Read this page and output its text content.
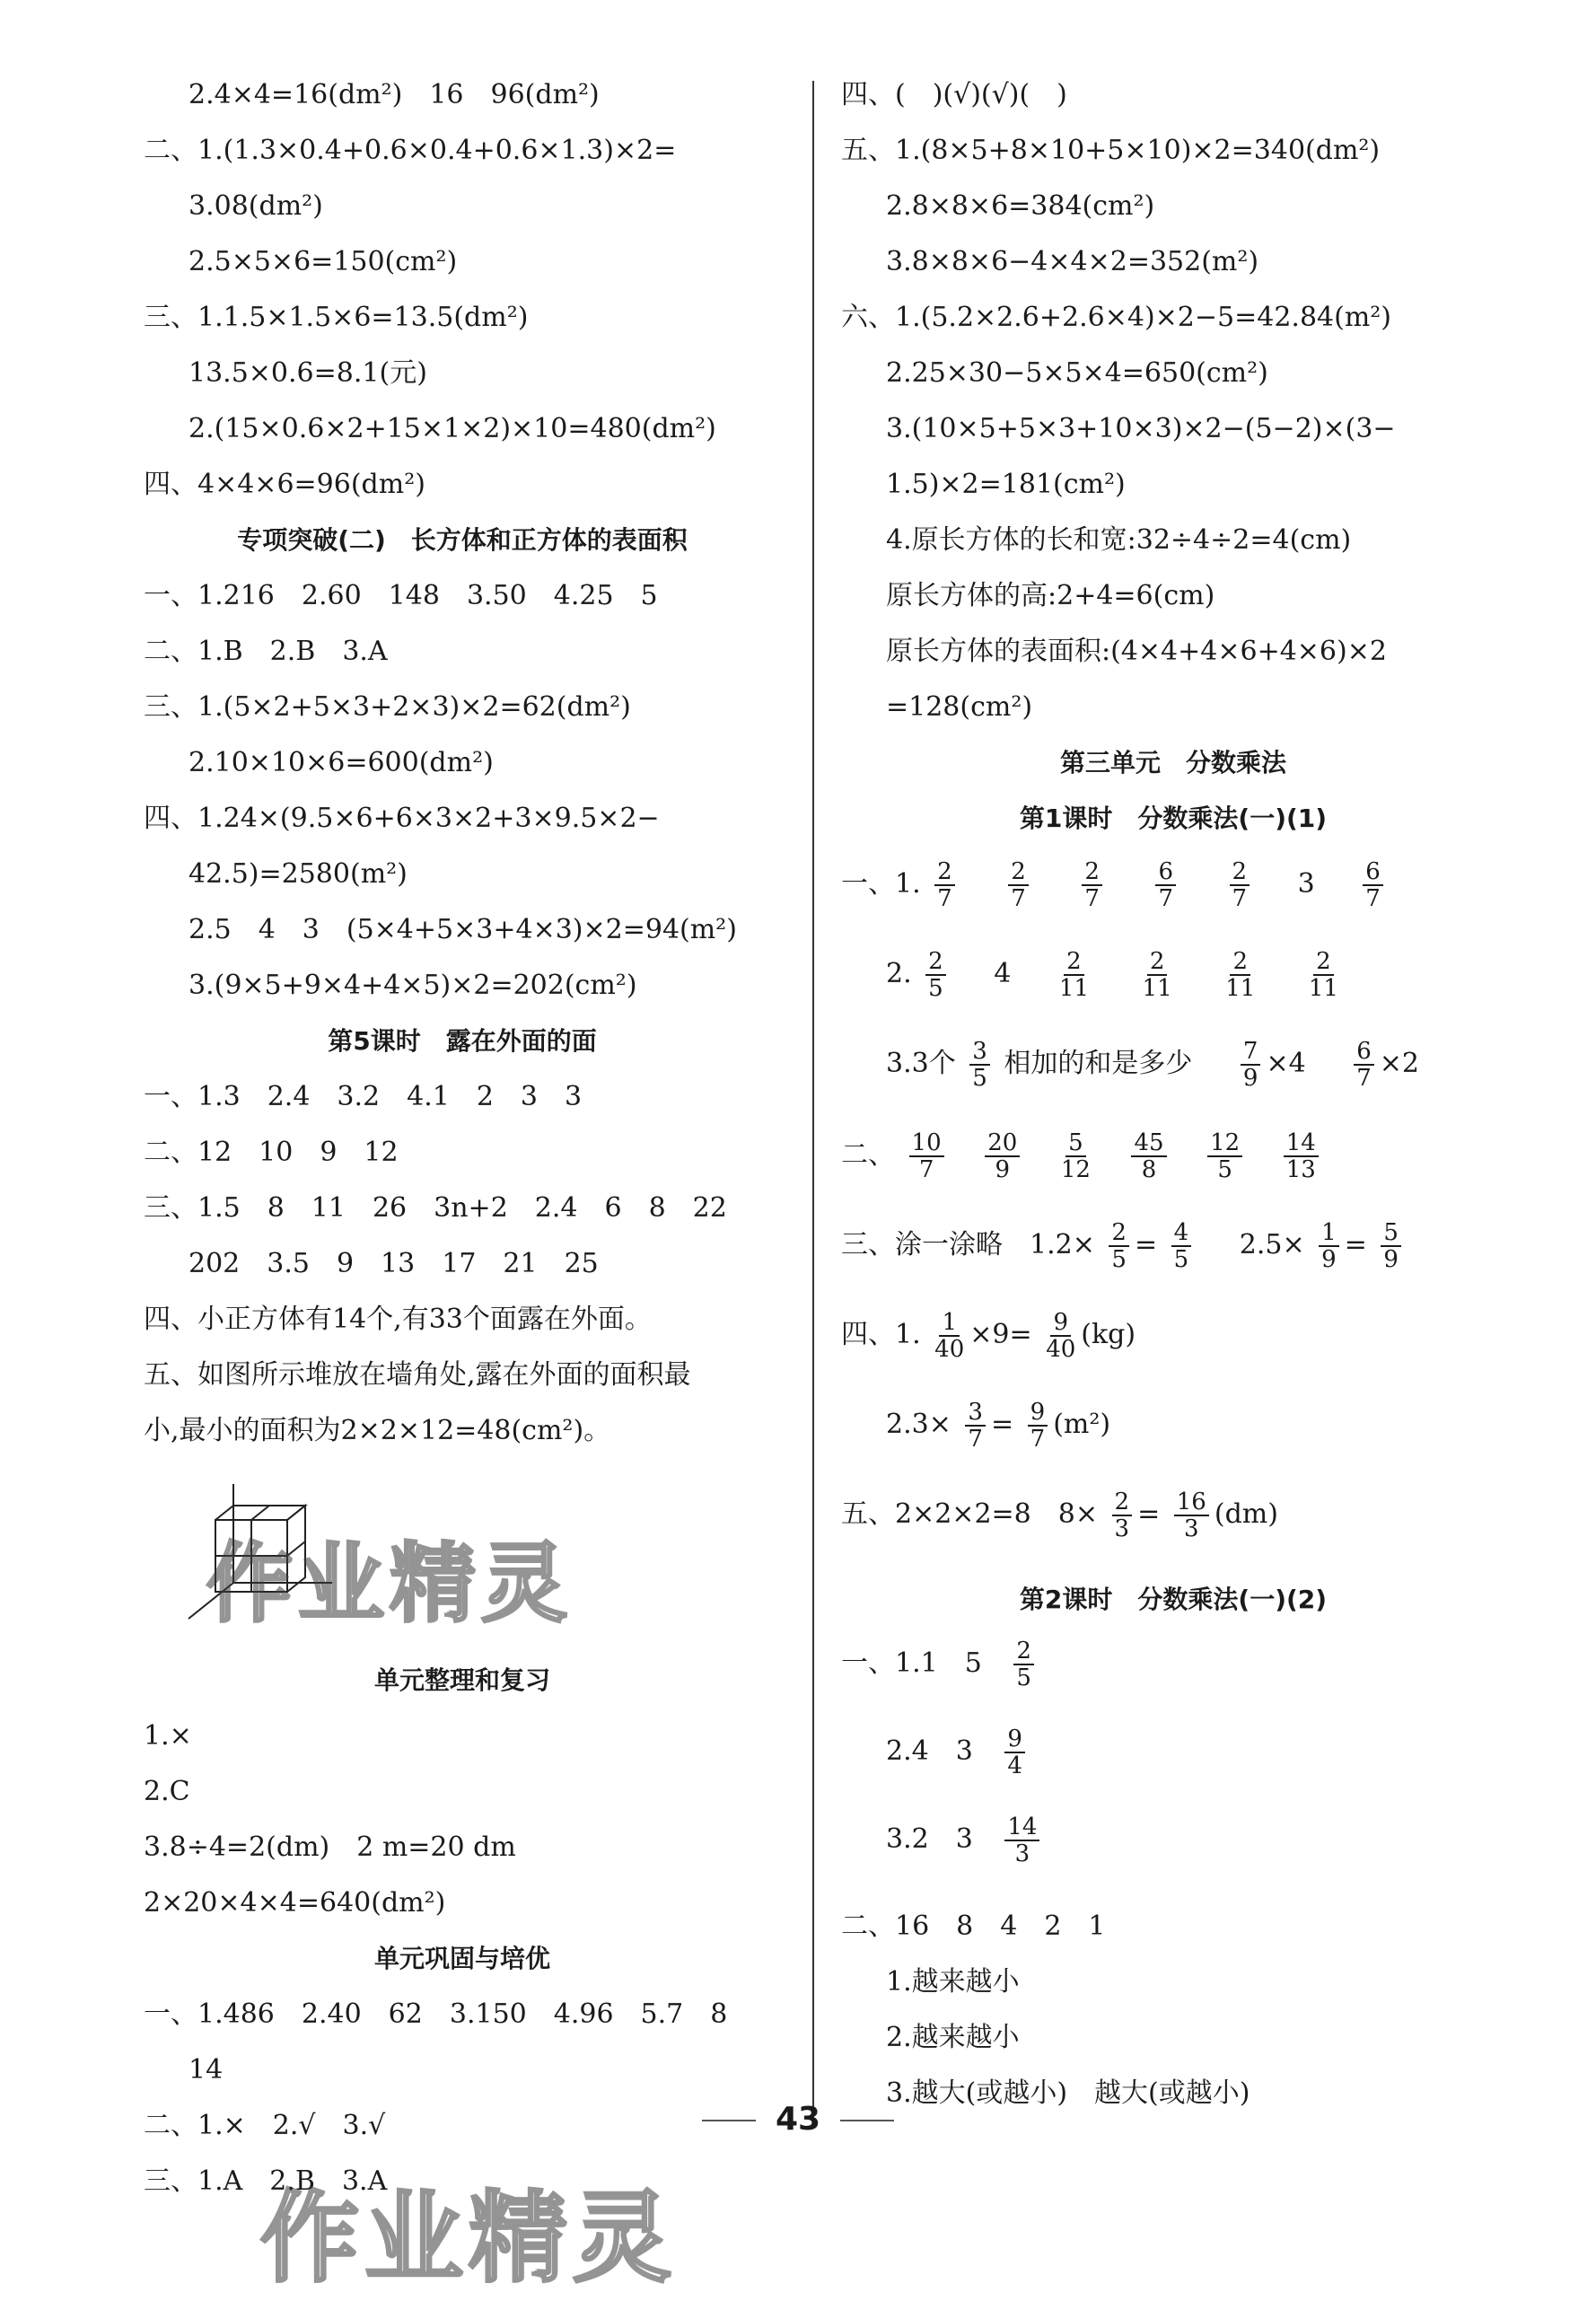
2.4×4=16(dm²)　16　96(dm²)
二、1.(1.3×0.4+0.6×0.4+0.6×1.3)×2=
3.08(dm²)
2.5×5×6=150(cm²)
三、1.1.5×1.5×6=13.5(dm²)
13.5×0.6=8.1(元)
2.(15×0.6×2+15×1×2)×10=480(dm²)
四、4×4×6=96(dm²)
专项突破(二)　长方体和正方体的表面积
一、1.216　2.60　148　3.50　4.25　5
二、1.B　2.B　3.A
三、1.(5×2+5×3+2×3)×2=62(dm²)
2.10×10×6=600(dm²)
四、1.24×(9.5×6+6×3×2+3×9.5×2−
42.5)=2580(m²)
2.5　4　3　(5×4+5×3+4×3)×2=94(m²)
3.(9×5+9×4+4×5)×2=202(cm²)
第5课时　露在外面的面
一、1.3　2.4　3.2　4.1　2　3　3
二、12　10　9　12
三、1.5　8　11　26　3n+2　2.4　6　8　22
202　3.5　9　13　17　21　25
四、小正方体有14个,有33个面露在外面。
五、如图所示堆放在墙角处,露在外面的面积最
小,最小的面积为2×2×12=48(cm²)。
作业精灵
单元整理和复习
1.×
2.C
3.8÷4=2(dm)　2 m=20 dm
2×20×4×4=640(dm²)
单元巩固与培优
一、1.486　2.40　62　3.150　4.96　5.7　8
14
二、1.×　2.√　3.√
三、1.A　2.B　3.A
四、(　)(√)(√)(　)
五、1.(8×5+8×10+5×10)×2=340(dm²)
2.8×8×6=384(cm²)
3.8×8×6−4×4×2=352(m²)
六、1.(5.2×2.6+2.6×4)×2−5=42.84(m²)
2.25×30−5×5×4=650(cm²)
3.(10×5+5×3+10×3)×2−(5−2)×(3−
1.5)×2=181(cm²)
4.原长方体的长和宽:32÷4÷2=4(cm)
原长方体的高:2+4=6(cm)
原长方体的表面积:(4×4+4×6+4×6)×2
=128(cm²)
第三单元　分数乘法
第1课时　分数乘法(一)(1)
一、1. $\frac{2}{7}$
$\frac{2}{7}$
$\frac{2}{7}$
$\frac{6}{7}$
$\frac{2}{7} 3 \frac{6}{7}$
2. $\frac{2}{5} 4 \frac{2}{11}$
$\frac{2}{11}$
$\frac{2}{11}$
$\frac{2}{11}$
3.3个 $\frac{3}{5}$ 相加的和是多少 $\frac{7}{9} \times 4 \frac{6}{7} \times 2$
二、 $\frac{10}{7}$
$\frac{20}{9}$
$\frac{5}{12}$
$\frac{45}{8}$
$\frac{12}{5}$
$\frac{14}{13}$
三、涂一涂略　$1.2\times \frac{2}{5} = \frac{4}{5} 2.5\times \frac{1}{9} = \frac{5}{9}$
四、1. $\frac{1}{40} \times 9= \frac{9}{40} (kg)$
$2.3\times \frac{3}{7} = \frac{9}{7} (m^2)$
五、2×2×2=8　$8\times \frac{2}{3} = \frac{16}{3} (dm)$
第2课时　分数乘法(一)(2)
一、1.1　$5 \frac{2}{5}$
2.4　$3 \frac{9}{4}$
3.2　$3 \frac{14}{3}$
二、16　8　4　2　1
1.越来越小
2.越来越小
3.越大(或越小)　越大(或越小)
43
作业精灵
